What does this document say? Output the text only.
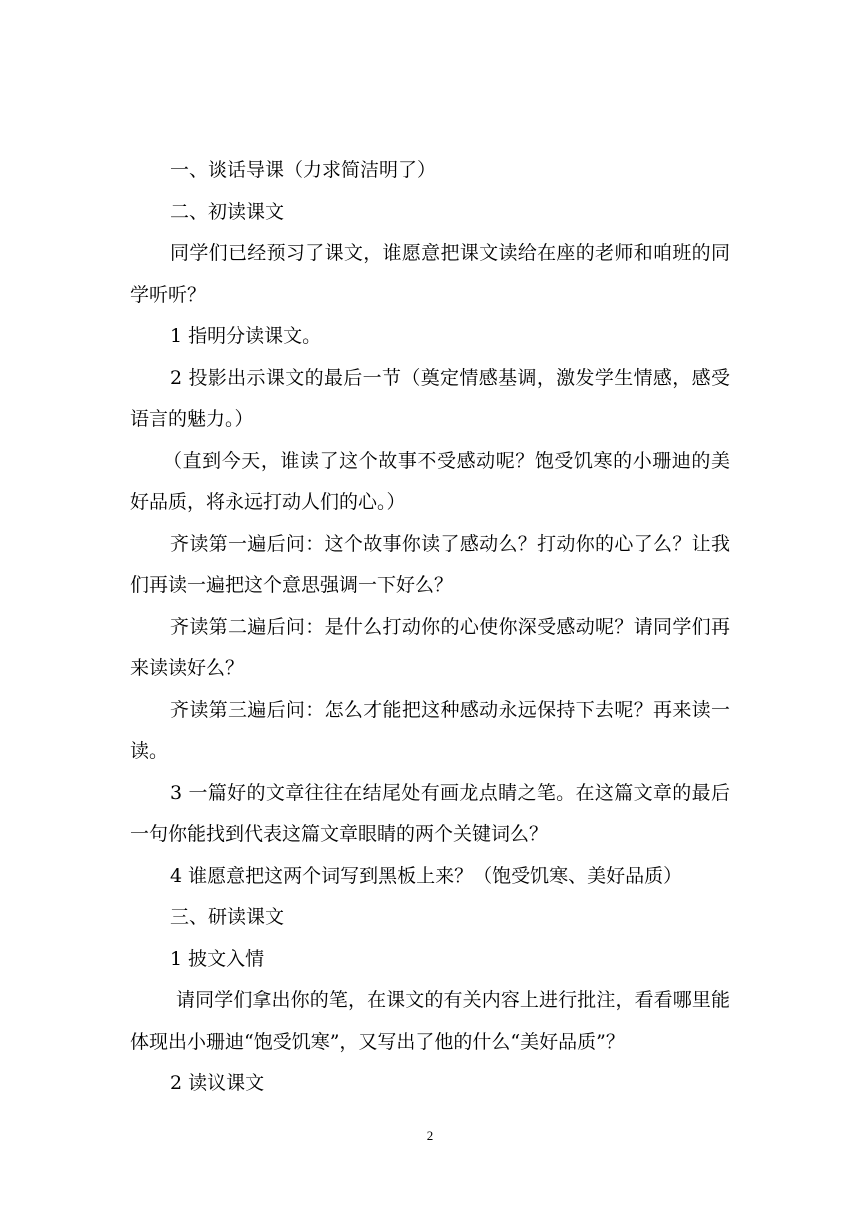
一、谈话导课（力求简洁明了）

二、初读课文

同学们已经预习了课文，谁愿意把课文读给在座的老师和咱班的同学听听？

1 指明分读课文。

2 投影出示课文的最后一节（奠定情感基调，激发学生情感，感受语言的魅力。）

（直到今天，谁读了这个故事不受感动呢？饱受饥寒的小珊迪的美好品质，将永远打动人们的心。）

齐读第一遍后问：这个故事你读了感动么？打动你的心了么？让我们再读一遍把这个意思强调一下好么？

齐读第二遍后问：是什么打动你的心使你深受感动呢？请同学们再来读读好么？

齐读第三遍后问：怎么才能把这种感动永远保持下去呢？再来读一读。

3 一篇好的文章往往在结尾处有画龙点睛之笔。在这篇文章的最后一句你能找到代表这篇文章眼睛的两个关键词么？

4 谁愿意把这两个词写到黑板上来？（饱受饥寒、美好品质）

三、研读课文

1 披文入情

请同学们拿出你的笔，在课文的有关内容上进行批注，看看哪里能体现出小珊迪“饱受饥寒”，又写出了他的什么“美好品质”？

2 读议课文

2
